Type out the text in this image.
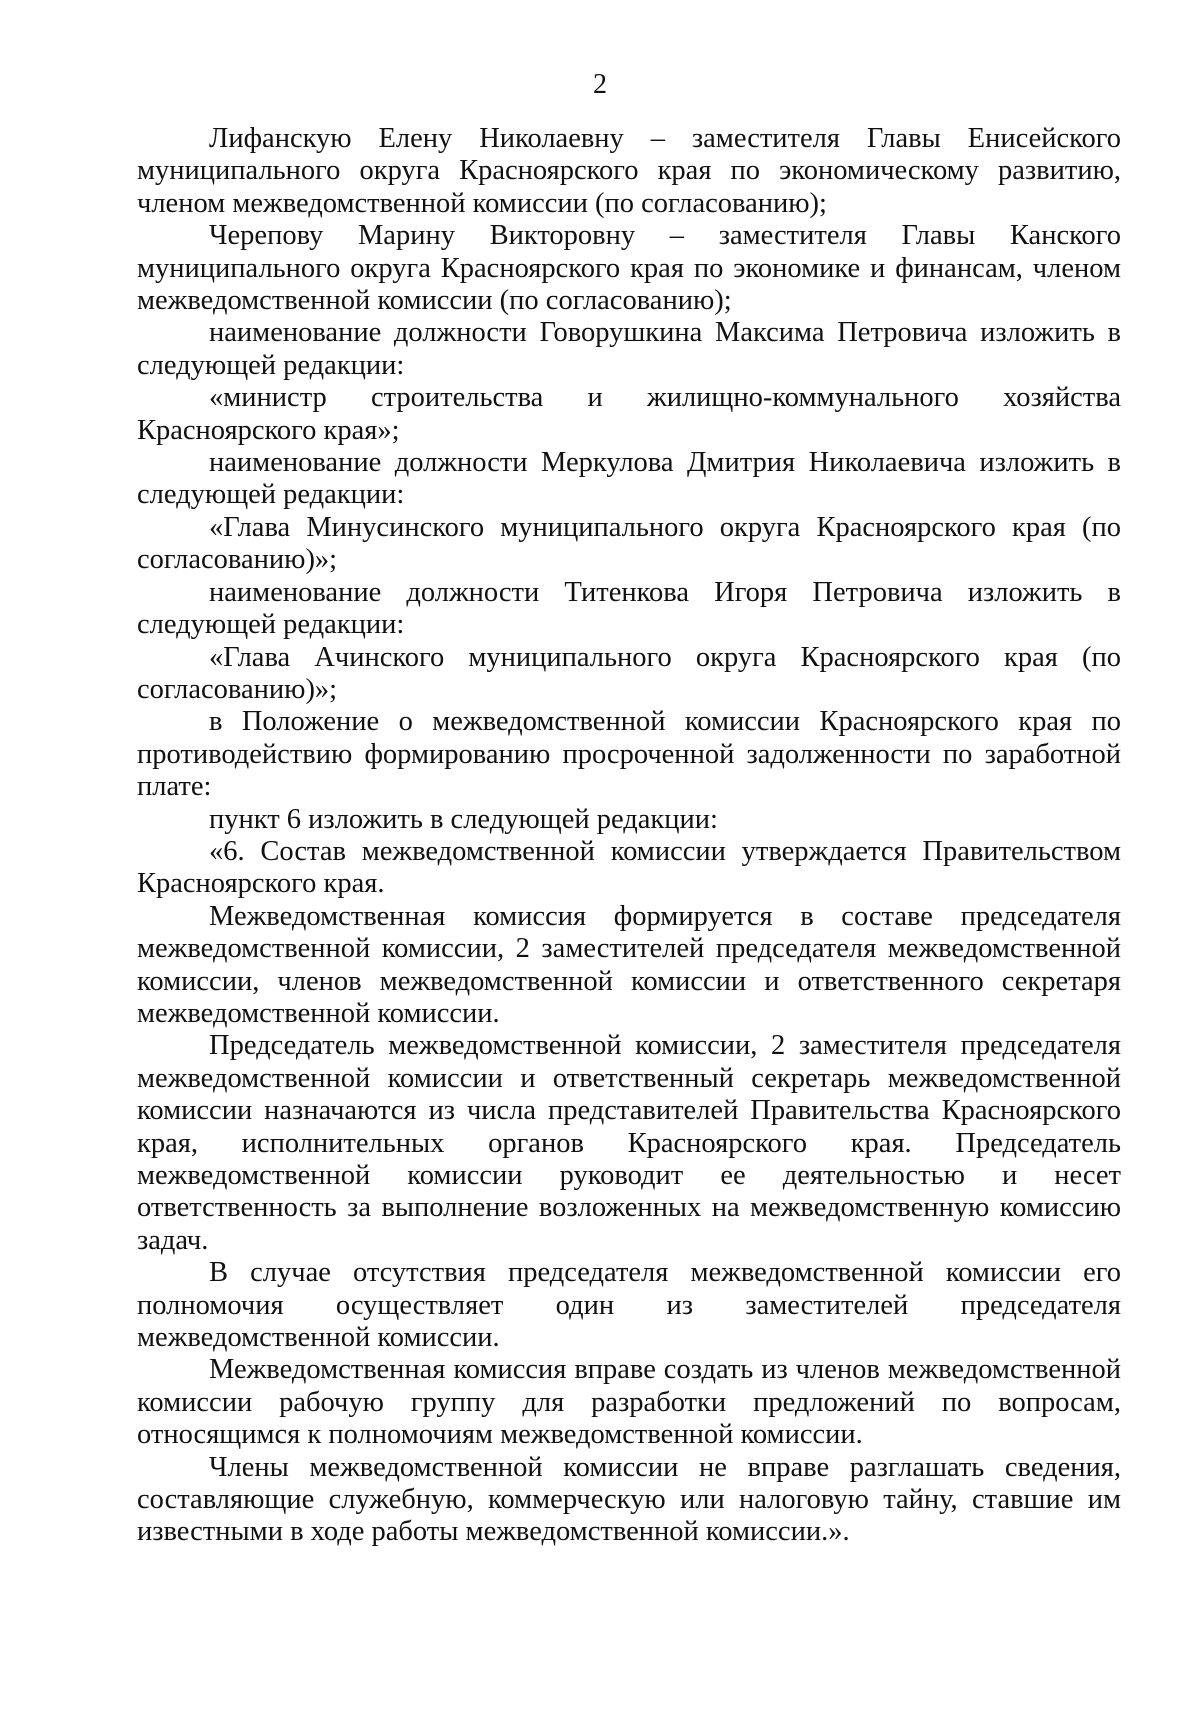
2

Лифанскую Елену Николаевну – заместителя Главы Енисейского муниципального округа Красноярского края по экономическому развитию, членом межведомственной комиссии (по согласованию);

Черепову Марину Викторовну – заместителя Главы Канского муниципального округа Красноярского края по экономике и финансам, членом межведомственной комиссии (по согласованию);

наименование должности Говорушкина Максима Петровича изложить в следующей редакции:

«министр строительства и жилищно-коммунального хозяйства Красноярского края»;

наименование должности Меркулова Дмитрия Николаевича изложить в следующей редакции:

«Глава Минусинского муниципального округа Красноярского края (по согласованию)»;

наименование должности Титенкова Игоря Петровича изложить в следующей редакции:

«Глава Ачинского муниципального округа Красноярского края (по согласованию)»;

в Положение о межведомственной комиссии Красноярского края по противодействию формированию просроченной задолженности по заработной плате:

пункт 6 изложить в следующей редакции:

«6. Состав межведомственной комиссии утверждается Правительством Красноярского края.

Межведомственная комиссия формируется в составе председателя межведомственной комиссии, 2 заместителей председателя межведомственной комиссии, членов межведомственной комиссии и ответственного секретаря межведомственной комиссии.

Председатель межведомственной комиссии, 2 заместителя председателя межведомственной комиссии и ответственный секретарь межведомственной комиссии назначаются из числа представителей Правительства Красноярского края, исполнительных органов Красноярского края. Председатель межведомственной комиссии руководит ее деятельностью и несет ответственность за выполнение возложенных на межведомственную комиссию задач.

В случае отсутствия председателя межведомственной комиссии его полномочия осуществляет один из заместителей председателя межведомственной комиссии.

Межведомственная комиссия вправе создать из членов межведомственной комиссии рабочую группу для разработки предложений по вопросам, относящимся к полномочиям межведомственной комиссии.

Члены межведомственной комиссии не вправе разглашать сведения, составляющие служебную, коммерческую или налоговую тайну, ставшие им известными в ходе работы межведомственной комиссии.».
